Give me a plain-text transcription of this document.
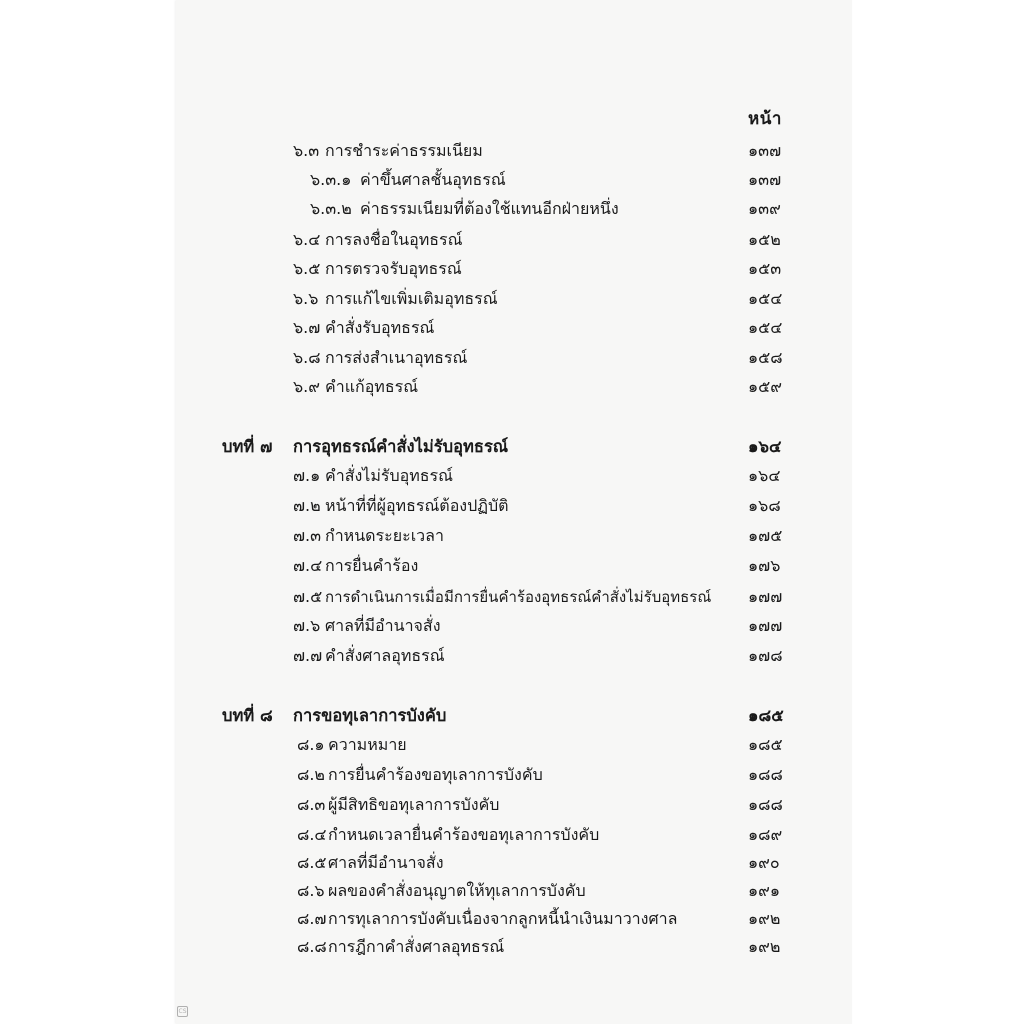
หน้า
๖.๓ การชำระค่าธรรมเนียม	๑๓๗
๖.๓.๑ ค่าขึ้นศาลชั้นอุทธรณ์	๑๓๗
๖.๓.๒ ค่าธรรมเนียมที่ต้องใช้แทนอีกฝ่ายหนึ่ง	๑๓๙
๖.๔ การลงชื่อในอุทธรณ์	๑๕๒
๖.๕ การตรวจรับอุทธรณ์	๑๕๓
๖.๖ การแก้ไขเพิ่มเติมอุทธรณ์	๑๕๔
๖.๗ คำสั่งรับอุทธรณ์	๑๕๔
๖.๘ การส่งสำเนาอุทธรณ์	๑๕๘
๖.๙ คำแก้อุทธรณ์	๑๕๙
บทที่ ๗ การอุทธรณ์คำสั่งไม่รับอุทธรณ์	๑๖๔
๗.๑ คำสั่งไม่รับอุทธรณ์	๑๖๔
๗.๒ หน้าที่ที่ผู้อุทธรณ์ต้องปฏิบัติ	๑๖๘
๗.๓ กำหนดระยะเวลา	๑๗๕
๗.๔ การยื่นคำร้อง	๑๗๖
๗.๕ การดำเนินการเมื่อมีการยื่นคำร้องอุทธรณ์คำสั่งไม่รับอุทธรณ์ ๑๗๗
๗.๖ ศาลที่มีอำนาจสั่ง	๑๗๗
๗.๗ คำสั่งศาลอุทธรณ์	๑๗๘
บทที่ ๘ การขอทุเลาการบังคับ	๑๘๕
๘.๑ ความหมาย	๑๘๕
๘.๒ การยื่นคำร้องขอทุเลาการบังคับ	๑๘๘
๘.๓ ผู้มีสิทธิขอทุเลาการบังคับ	๑๘๘
๘.๔ กำหนดเวลายื่นคำร้องขอทุเลาการบังคับ	๑๘๙
๘.๕ ศาลที่มีอำนาจสั่ง	๑๙๐
๘.๖ ผลของคำสั่งอนุญาตให้ทุเลาการบังคับ	๑๙๑
๘.๗ การทุเลาการบังคับเนื่องจากลูกหนี้นำเงินมาวางศาล	๑๙๒
๘.๘ การฎีกาคำสั่งศาลอุทธรณ์	๑๙๒
CS
